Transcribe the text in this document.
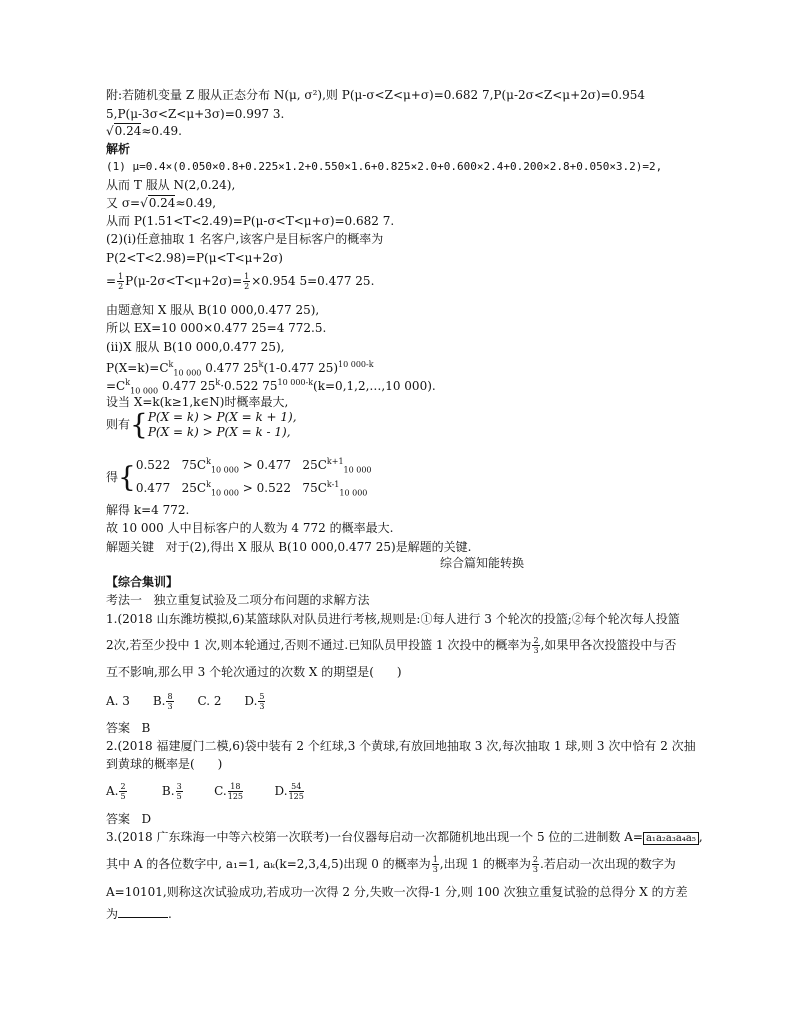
附:若随机变量 Z 服从正态分布 N(μ, σ²),则 P(μ-σ<Z<μ+σ)=0.682 7,P(μ-2σ<Z<μ+2σ)=0.954
5,P(μ-3σ<Z<μ+3σ)=0.997 3.
√0.24≈0.49.
解析
(1) μ=0.4×(0.050×0.8+0.225×1.2+0.550×1.6+0.825×2.0+0.600×2.4+0.200×2.8+0.050×3.2)=2,
从而 T 服从 N(2,0.24),
又 σ=√0.24≈0.49,
从而 P(1.51<T<2.49)=P(μ-σ<T<μ+σ)=0.682 7.
(2)(i)任意抽取 1 名客户,该客户是目标客户的概率为
P(2<T<2.98)=P(μ<T<μ+2σ)
= $\frac{1}{2} P(\mu-2\sigma<T<\mu+2\sigma)= \frac{1}{2} \times 0.954$ 5=0.477 25.
由题意知 X 服从 B(10 000,0.477 25),
所以 EX=10 000×0.477 25=4 772.5.
(ii)X 服从 B(10 000,0.477 25),
$P(X=k)=C^k_{10 000}$ 0.477 25$^k$(1-0.477 25)$^{10 000-k}$
$=C^k_{10 000}$ 0.477 $25^k\cdot 0.522$ $75^{10 000-k}(k=0,1,2,\dots,10$ 000).
设当 X=k(k≥1,k∈N)时概率最大,
则有{ P(X = k) > P(X = k + 1),
P(X = k) > P(X = k - 1),
得{ 0.522   $75C^k_{10 000} > 0.477$   $25C^{k+1}_{10 000}$
0.477   $25C^k_{10 000} > 0.522$   $75C^{k-1}_{10 000}$
解得 k=4 772.
故 10 000 人中目标客户的人数为 4 772 的概率最大.
解题关键   对于(2),得出 X 服从 B(10 000,0.477 25)是解题的关键.
综合篇知能转换
【综合集训】
考法一   独立重复试验及二项分布问题的求解方法
1.(2018 山东潍坊模拟,6)某篮球队对队员进行考核,规则是:①每人进行 3 个轮次的投篮;②每个轮次每人投篮
2次,若至少投中 1 次,则本轮通过,否则不通过.已知队员甲投篮 1 次投中的概率为 $\frac{2}{3}$ ,如果甲各次投篮投中与否
互不影响,那么甲 3 个轮次通过的次数 X 的期望是(      )
A. 3 B. $\frac{8}{3} C$. 2 D. $\frac{5}{3}$
答案   B
2.(2018 福建厦门二模,6)袋中装有 2 个红球,3 个黄球,有放回地抽取 3 次,每次抽取 1 球,则 3 次中恰有 2 次抽
到黄球的概率是(      )
A. $\frac{2}{5}$	B. $\frac{3}{5}$	C. $\frac{18}{125}$	D. $\frac{54}{125}$
答案   D
3.(2018 广东珠海一中等六校第一次联考)一台仪器每启动一次都随机地出现一个 5 位的二进制数 A= a₁a₂a₃a₄a₅ ,
其中 A 的各位数字中, a₁=1, aₖ(k=2,3,4,5)出现 0 的概率为 $\frac{1}{3}$ ,出现 1 的概率为 $\frac{2}{3}$ .若启动一次出现的数字为
A=10101,则称这次试验成功,若成功一次得 2 分,失败一次得-1 分,则 100 次独立重复试验的总得分 X 的方差
为	.
